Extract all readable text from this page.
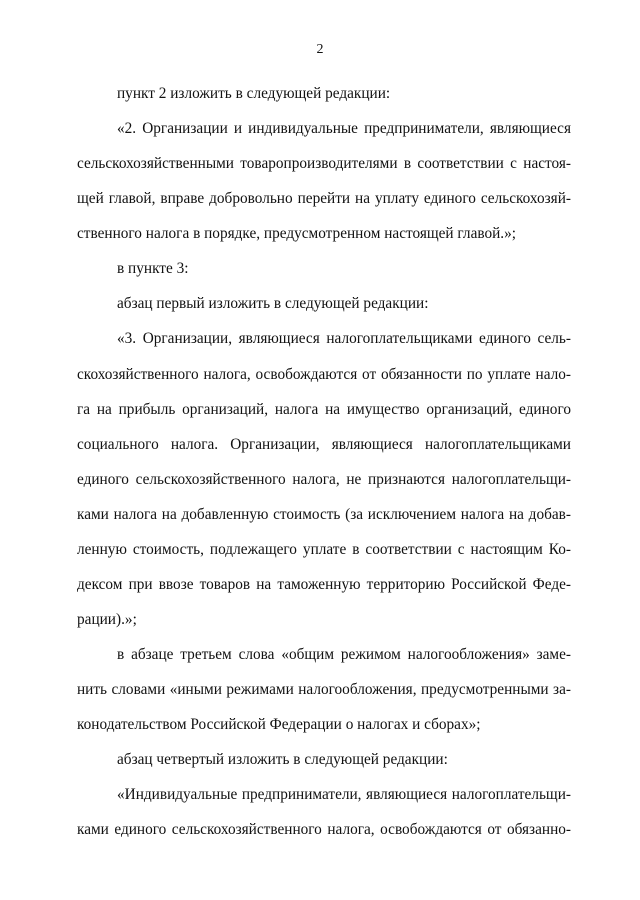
2
пункт 2 изложить в следующей редакции:
«2. Организации и индивидуальные предприниматели, являющиеся
сельскохозяйственными товаропроизводителями в соответствии с настоя-
щей главой, вправе добровольно перейти на уплату единого сельскохозяй-
ственного налога в порядке, предусмотренном настоящей главой.»;
в пункте 3:
абзац первый изложить в следующей редакции:
«3. Организации, являющиеся налогоплательщиками единого сель-
скохозяйственного налога, освобождаются от обязанности по уплате нало-
га на прибыль организаций, налога на имущество организаций, единого
социального налога. Организации, являющиеся налогоплательщиками
единого сельскохозяйственного налога, не признаются налогоплательщи-
ками налога на добавленную стоимость (за исключением налога на добав-
ленную стоимость, подлежащего уплате в соответствии с настоящим Ко-
дексом при ввозе товаров на таможенную территорию Российской Феде-
рации).»;
в абзаце третьем слова «общим режимом налогообложения» заме-
нить словами «иными режимами налогообложения, предусмотренными за-
конодательством Российской Федерации о налогах и сборах»;
абзац четвертый изложить в следующей редакции:
«Индивидуальные предприниматели, являющиеся налогоплательщи-
ками единого сельскохозяйственного налога, освобождаются от обязанно-
